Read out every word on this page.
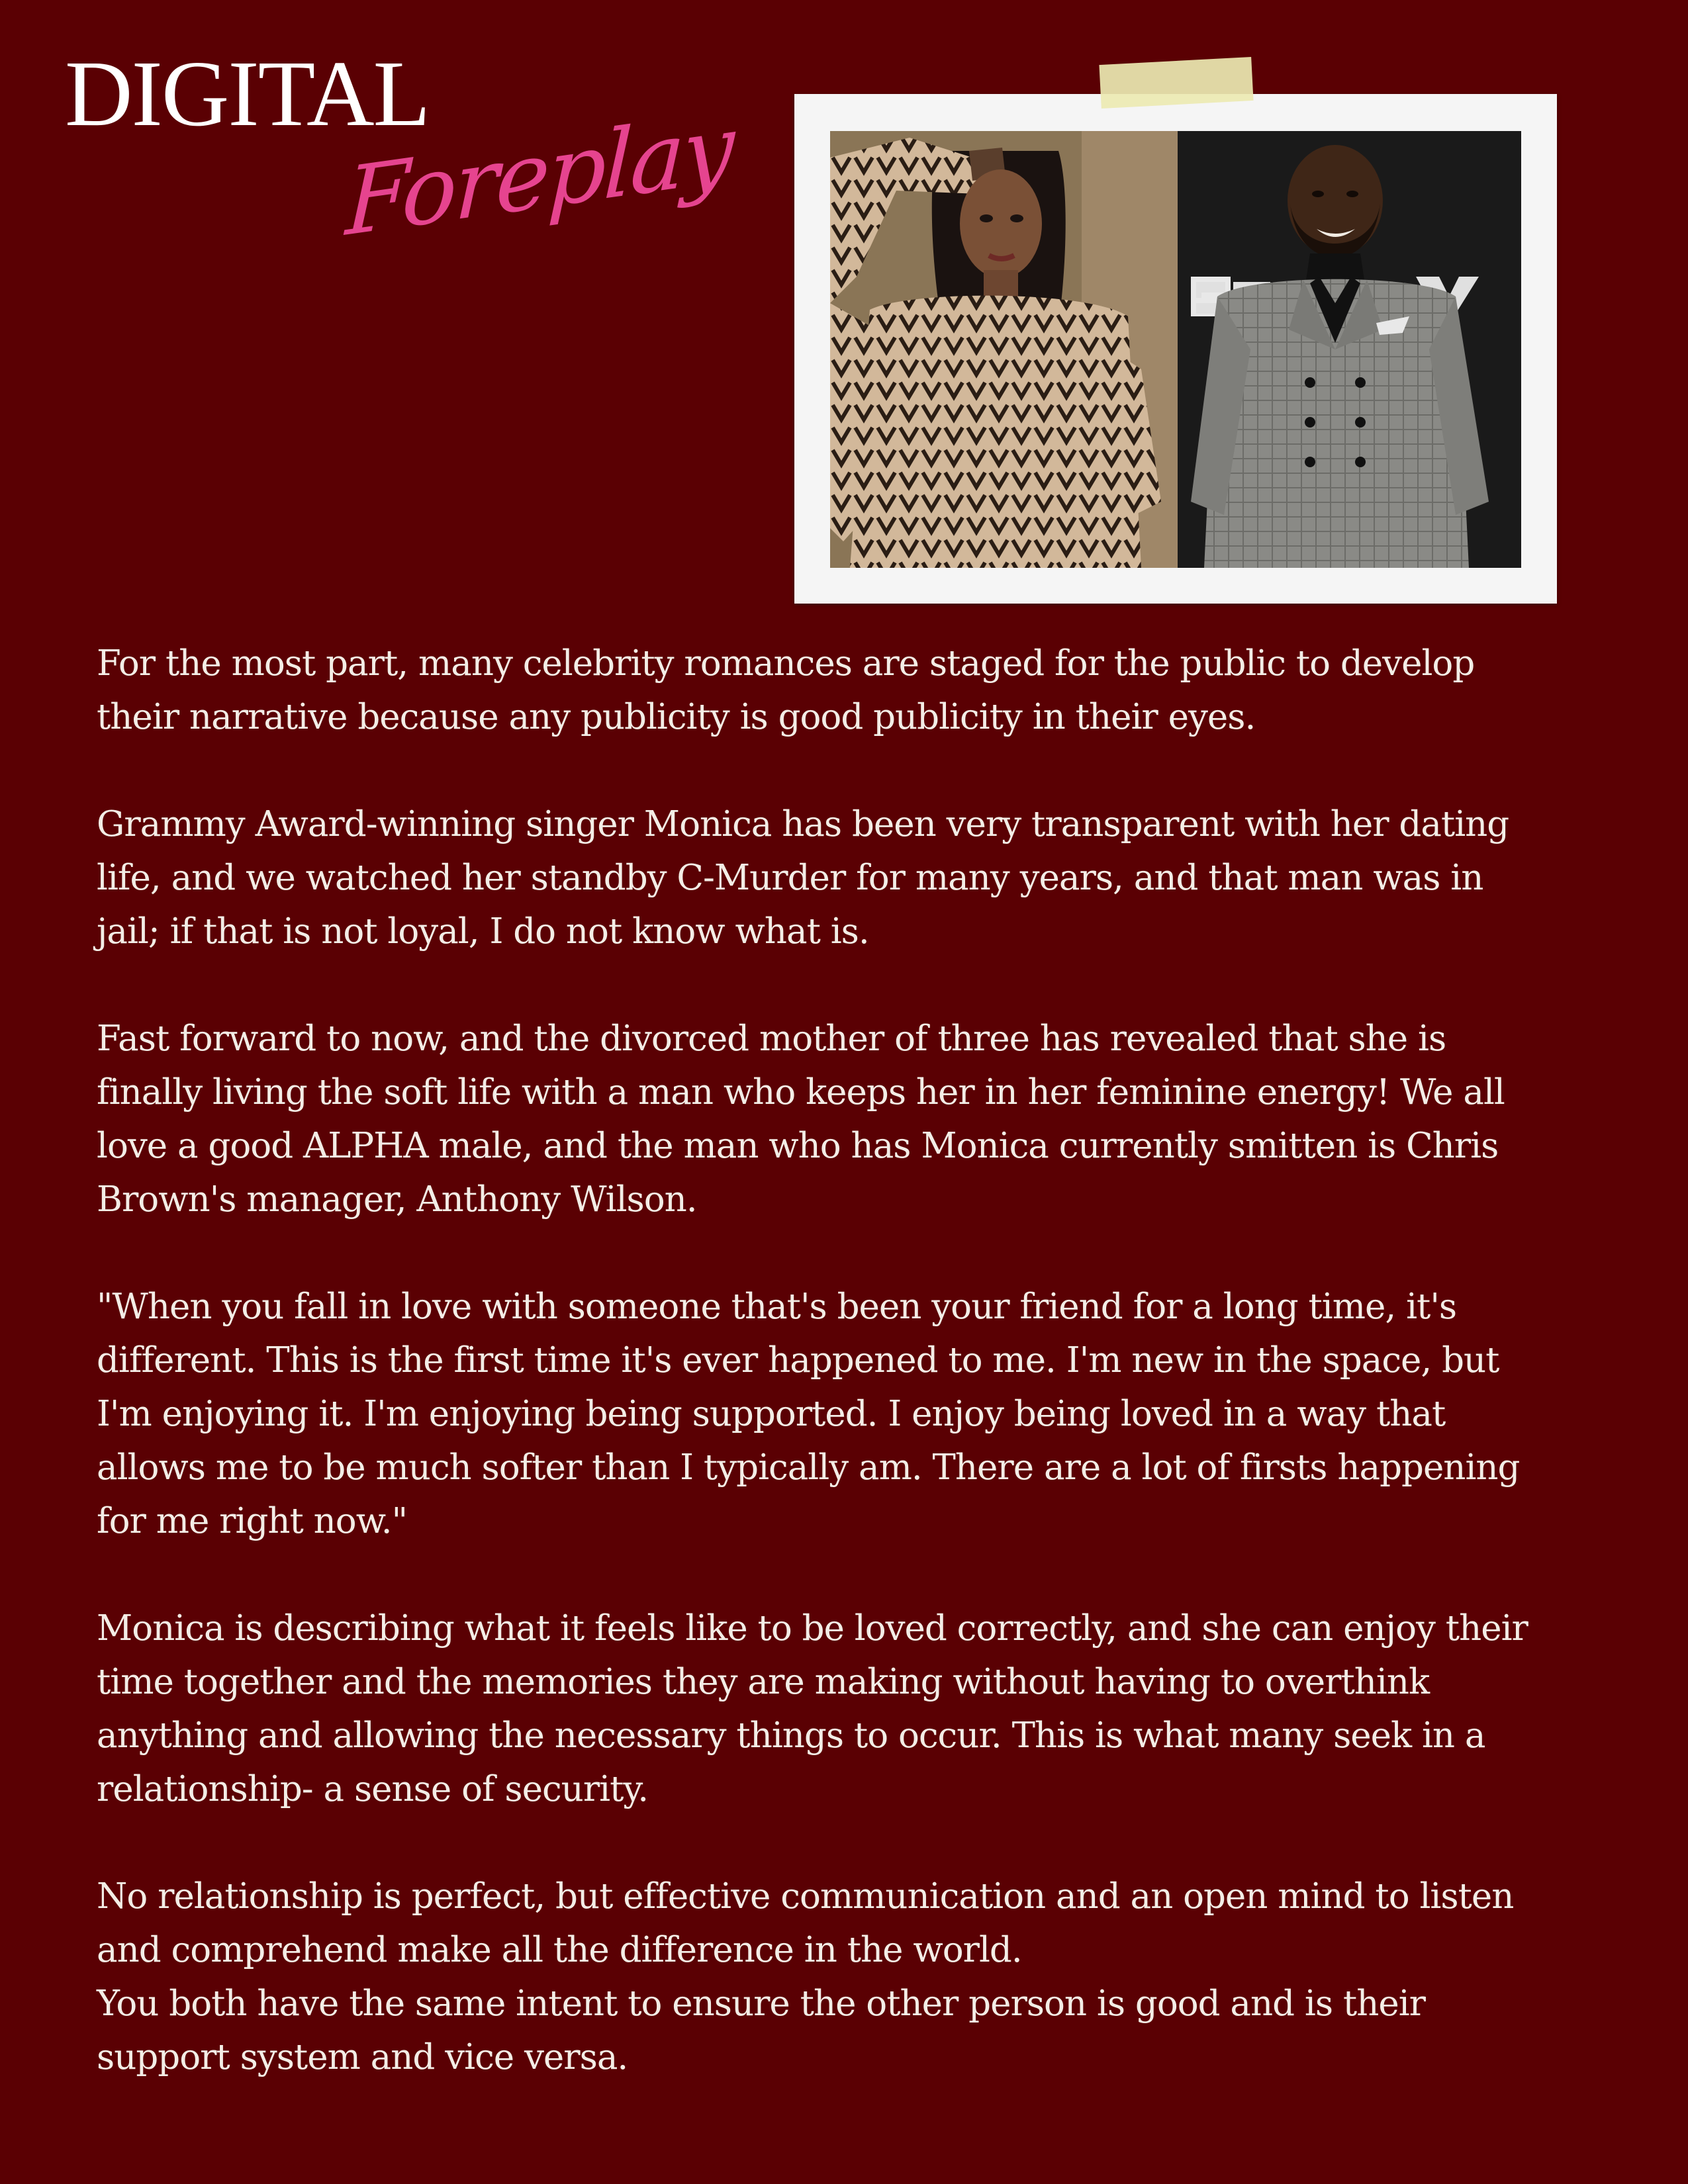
DIGITAL
Foreplay

For the most part, many celebrity romances are staged for the public to develop
their narrative because any publicity is good publicity in their eyes.

Grammy Award-winning singer Monica has been very transparent with her dating
life, and we watched her standby C-Murder for many years, and that man was in
jail; if that is not loyal, I do not know what is.

Fast forward to now, and the divorced mother of three has revealed that she is
finally living the soft life with a man who keeps her in her feminine energy! We all
love a good ALPHA male, and the man who has Monica currently smitten is Chris
Brown's manager, Anthony Wilson.

"When you fall in love with someone that's been your friend for a long time, it's
different. This is the first time it's ever happened to me. I'm new in the space, but
I'm enjoying it. I'm enjoying being supported. I enjoy being loved in a way that
allows me to be much softer than I typically am. There are a lot of firsts happening
for me right now."

Monica is describing what it feels like to be loved correctly, and she can enjoy their
time together and the memories they are making without having to overthink
anything and allowing the necessary things to occur. This is what many seek in a
relationship- a sense of security.

No relationship is perfect, but effective communication and an open mind to listen
and comprehend make all the difference in the world.

You both have the same intent to ensure the other person is good and is their
support system and vice versa.
